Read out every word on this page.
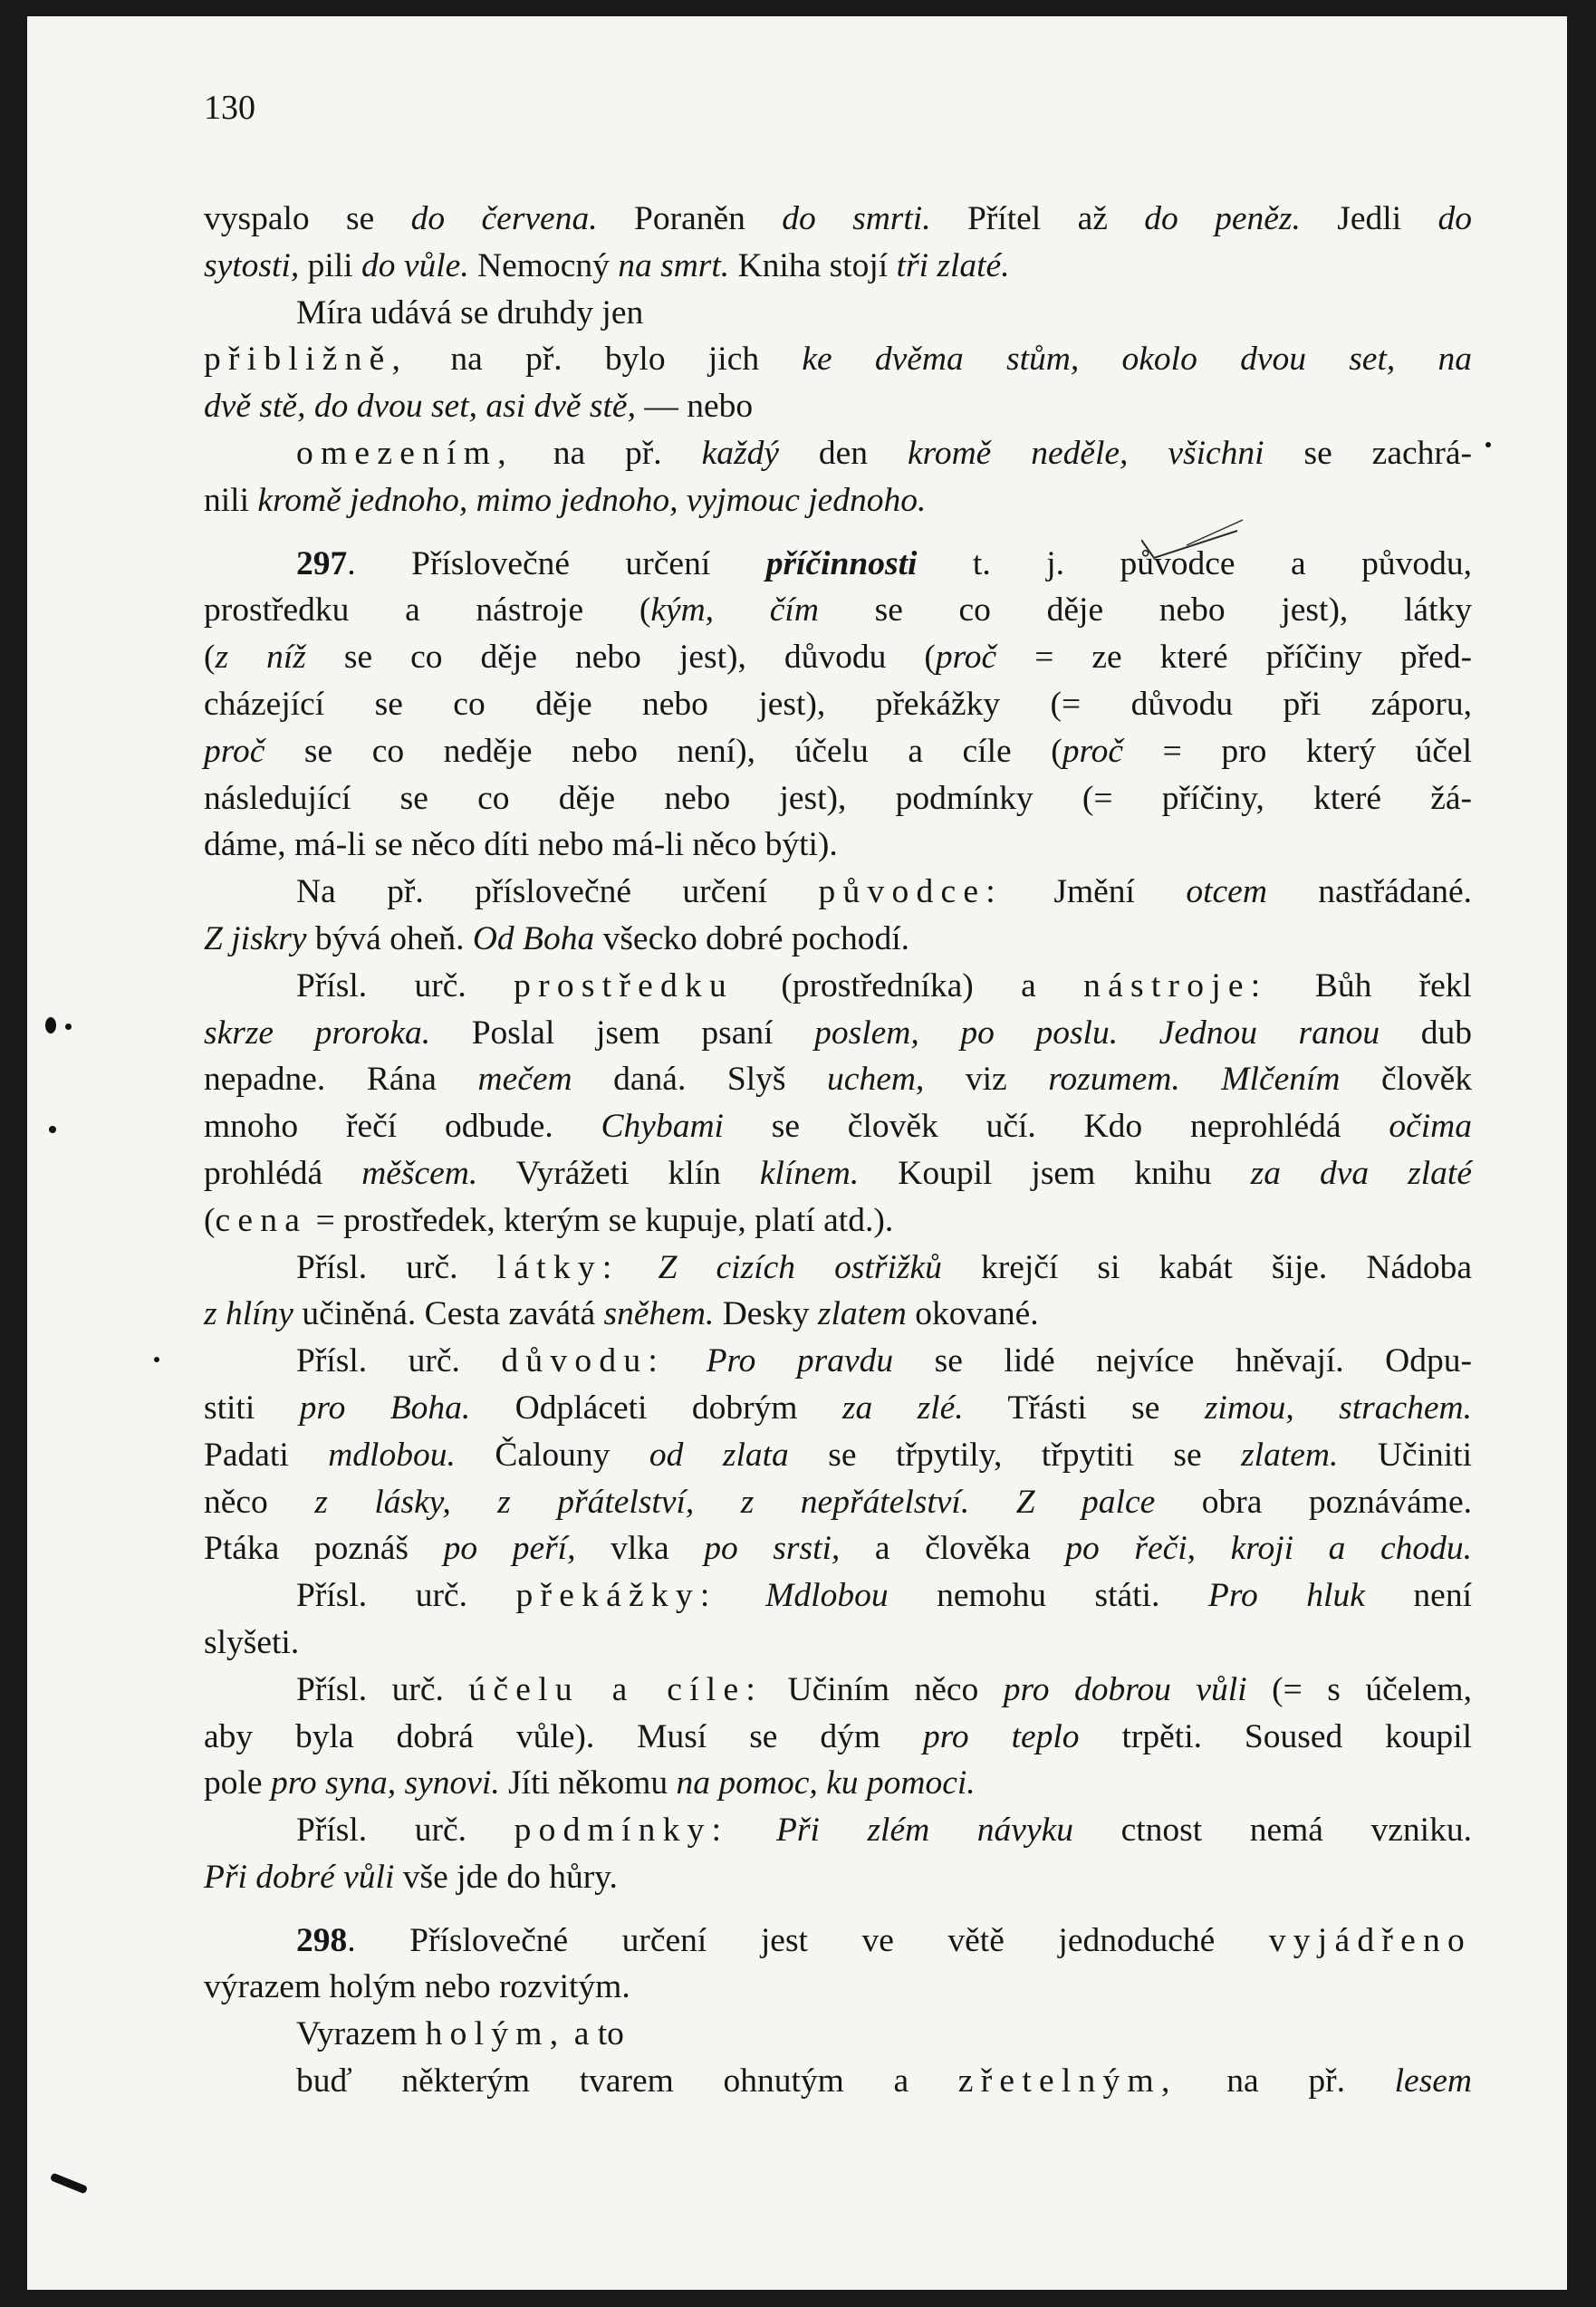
130
vyspalo se do červena. Poraněn do smrti. Přítel až do peněz. Jedli do
sytosti, pili do vůle. Nemocný na smrt. Kniha stojí tři zlaté.
Míra udává se druhdy jen
přibližně, na př. bylo jich ke dvěma stům, okolo dvou set, na
dvě stě, do dvou set, asi dvě stě, — nebo
omezením, na př. každý den kromě neděle, všichni se zachrá-
nili kromě jednoho, mimo jednoho, vyjmouc jednoho.
297. Příslovečné určení příčinnosti t. j. původce a původu,
prostředku a nástroje (kým, čím se co děje nebo jest), látky
(z níž se co děje nebo jest), důvodu (proč = ze které příčiny před-
cházející se co děje nebo jest), překážky (= důvodu při záporu,
proč se co neděje nebo není), účelu a cíle (proč = pro který účel
následující se co děje nebo jest), podmínky (= příčiny, které žá-
dáme, má-li se něco díti nebo má-li něco býti).
Na př. příslovečné určení původce: Jmění otcem nastřádané.
Z jiskry bývá oheň. Od Boha všecko dobré pochodí.
Přísl. urč. prostředku (prostředníka) a nástroje: Bůh řekl
skrze proroka. Poslal jsem psaní poslem, po poslu. Jednou ranou dub
nepadne. Rána mečem daná. Slyš uchem, viz rozumem. Mlčením člověk
mnoho řečí odbude. Chybami se člověk učí. Kdo neprohlédá očima
prohlédá měšcem. Vyrážeti klín klínem. Koupil jsem knihu za dva zlaté
(cena = prostředek, kterým se kupuje, platí atd.).
Přísl. urč. látky: Z cizích ostřižků krejčí si kabát šije. Nádoba
z hlíny učiněná. Cesta zavátá sněhem. Desky zlatem okované.
Přísl. urč. důvodu: Pro pravdu se lidé nejvíce hněvají. Odpu-
stiti pro Boha. Odpláceti dobrým za zlé. Třásti se zimou, strachem.
Padati mdlobou. Čalouny od zlata se třpytily, třpytiti se zlatem. Učiniti
něco z lásky, z přátelství, z nepřátelství. Z palce obra poznáváme.
Ptáka poznáš po peří, vlka po srsti, a člověka po řeči, kroji a chodu.
Přísl. urč. překážky: Mdlobou nemohu státi. Pro hluk není
slyšeti.
Přísl. urč. účelu a cíle: Učiním něco pro dobrou vůli (= s účelem,
aby byla dobrá vůle). Musí se dým pro teplo trpěti. Soused koupil
pole pro syna, synovi. Jíti někomu na pomoc, ku pomoci.
Přísl. urč. podmínky: Při zlém návyku ctnost nemá vzniku.
Při dobré vůli vše jde do hůry.
298. Příslovečné určení jest ve větě jednoduché vyjádřeno
výrazem holým nebo rozvitým.
Vyrazem holým, a to
buď některým tvarem ohnutým a zřetelným, na př. lesem
